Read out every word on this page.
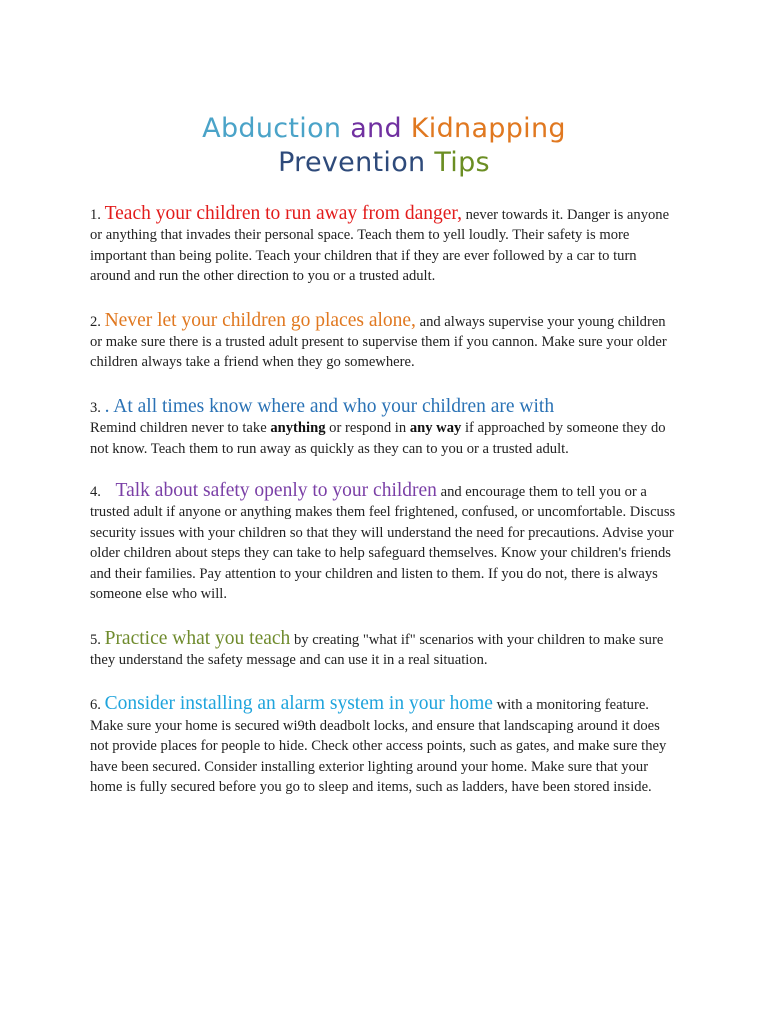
Abduction and Kidnapping
Prevention Tips

1. Teach your children to run away from danger, never towards it. Danger is anyone or anything that invades their personal space. Teach them to yell loudly. Their safety is more important than being polite. Teach your children that if they are ever followed by a car to turn around and run the other direction to you or a trusted adult.

2. Never let your children go places alone, and always supervise your young children or make sure there is a trusted adult present to supervise them if you cannon. Make sure your older children always take a friend when they go somewhere.

3. . At all times know where and who your children are with
Remind children never to take anything or respond in any way if approached by someone they do not know. Teach them to run away as quickly as they can to you or a trusted adult.

4.    Talk about safety openly to your children and encourage them to tell you or a trusted adult if anyone or anything makes them feel frightened, confused, or uncomfortable. Discuss security issues with your children so that they will understand the need for precautions. Advise your older children about steps they can take to help safeguard themselves. Know your children's friends and their families. Pay attention to your children and listen to them. If you do not, there is always someone else who will.

5. Practice what you teach by creating "what if" scenarios with your children to make sure they understand the safety message and can use it in a real situation.

6. Consider installing an alarm system in your home with a monitoring feature. Make sure your home is secured wi9th deadbolt locks, and ensure that landscaping around it does not provide places for people to hide. Check other access points, such as gates, and make sure they have been secured. Consider installing exterior lighting around your home. Make sure that your home is fully secured before you go to sleep and items, such as ladders, have been stored inside.
